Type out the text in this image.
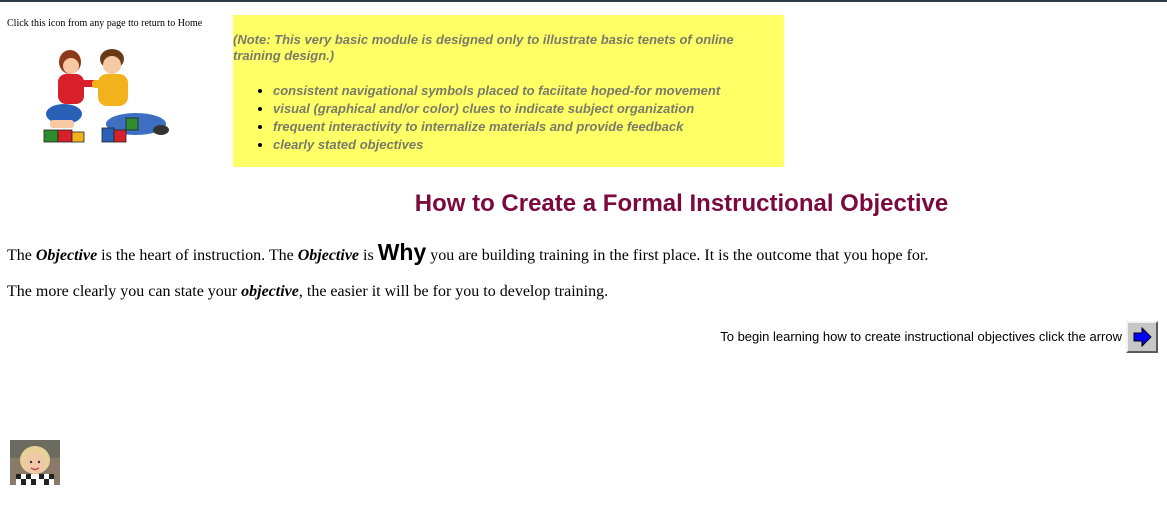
Click this icon from any page tto return to Home

(Note: This very basic module is designed only to illustrate basic tenets of online training design.)

• consistent navigational symbols placed to faciitate hoped-for movement
• visual (graphical and/or color) clues to indicate subject organization
• frequent interactivity to internalize materials and provide feedback
• clearly stated objectives
How to Create a Formal Instructional Objective

The Objective is the heart of instruction. The Objective is Why you are building training in the first place. It is the outcome that you hope for.

The more clearly you can state your objective, the easier it will be for you to develop training.

To begin learning how to create instructional objectives click the arrow
